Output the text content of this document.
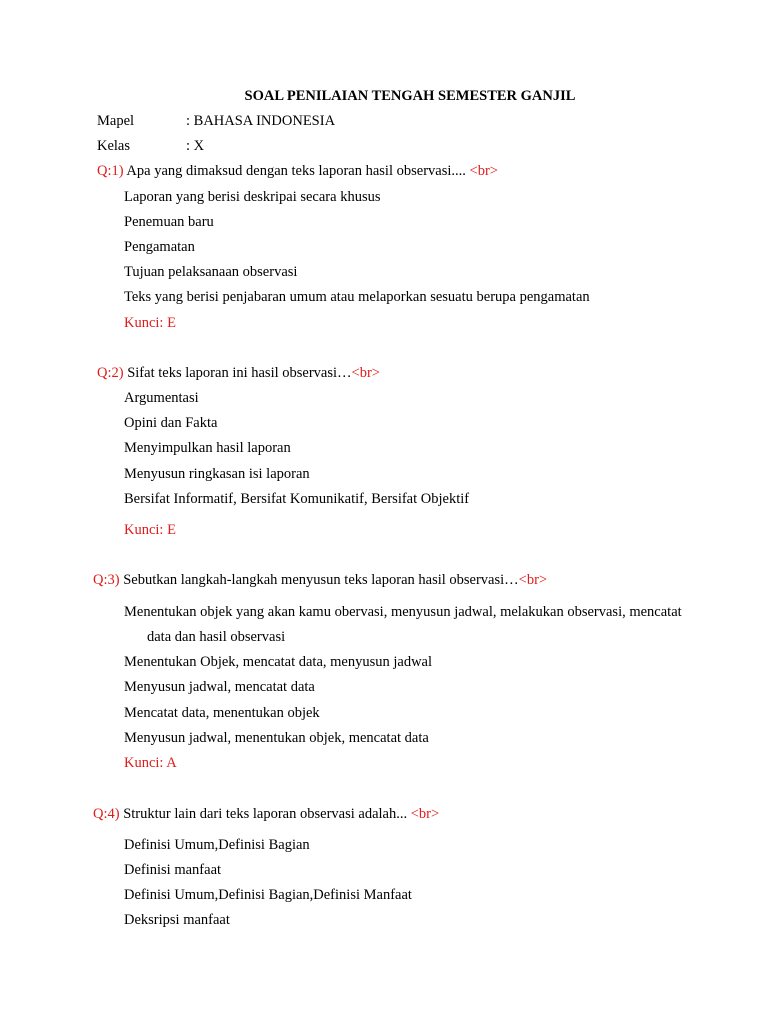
SOAL PENILAIAN TENGAH SEMESTER GANJIL
Mapel	: BAHASA INDONESIA
Kelas	: X
Q:1) Apa yang dimaksud dengan teks laporan hasil observasi.... <br>
Laporan yang berisi deskripai secara khusus
Penemuan baru
Pengamatan
Tujuan pelaksanaan observasi
Teks yang berisi penjabaran umum atau melaporkan sesuatu berupa pengamatan
Kunci: E
Q:2) Sifat teks laporan ini hasil observasi…<br>
Argumentasi
Opini dan Fakta
Menyimpulkan hasil laporan
Menyusun ringkasan isi laporan
Bersifat Informatif, Bersifat Komunikatif, Bersifat Objektif
Kunci: E
Q:3) Sebutkan langkah-langkah menyusun teks laporan hasil observasi…<br>
Menentukan objek yang akan kamu obervasi, menyusun jadwal, melakukan observasi, mencatat
data dan hasil observasi
Menentukan Objek, mencatat data, menyusun jadwal
Menyusun jadwal, mencatat data
Mencatat data, menentukan objek
Menyusun jadwal, menentukan objek, mencatat data
Kunci: A
Q:4) Struktur lain dari teks laporan observasi adalah... <br>
Definisi Umum,Definisi Bagian
Definisi manfaat
Definisi Umum,Definisi Bagian,Definisi Manfaat
Deksripsi manfaat
